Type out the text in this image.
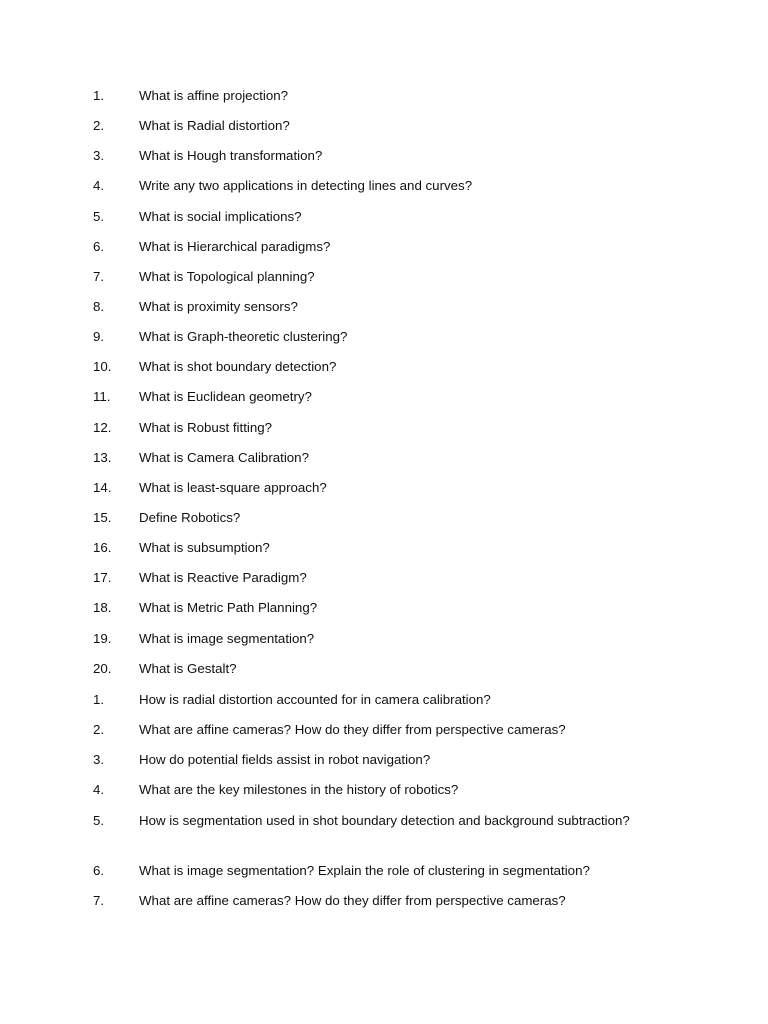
1.	What is affine projection?
2.	What is Radial distortion?
3.	What is Hough transformation?
4.	Write any two applications in detecting lines and curves?
5.	What is social implications?
6.	What is Hierarchical paradigms?
7.	What is Topological planning?
8.	What is proximity sensors?
9.	What is Graph-theoretic clustering?
10. What is shot boundary detection?
11. What is Euclidean geometry?
12. What is Robust fitting?
13. What is Camera Calibration?
14. What is least-square approach?
15. Define Robotics?
16. What is subsumption?
17. What is Reactive Paradigm?
18. What is Metric Path Planning?
19. What is image segmentation?
20. What is Gestalt?
1.	How is radial distortion accounted for in camera calibration?
2.	What are affine cameras? How do they differ from perspective cameras?
3.	How do potential fields assist in robot navigation?
4.	What are the key milestones in the history of robotics?
5.	How is segmentation used in shot boundary detection and background subtraction?
6.	What is image segmentation? Explain the role of clustering in segmentation?
7.	What are affine cameras? How do they differ from perspective cameras?
